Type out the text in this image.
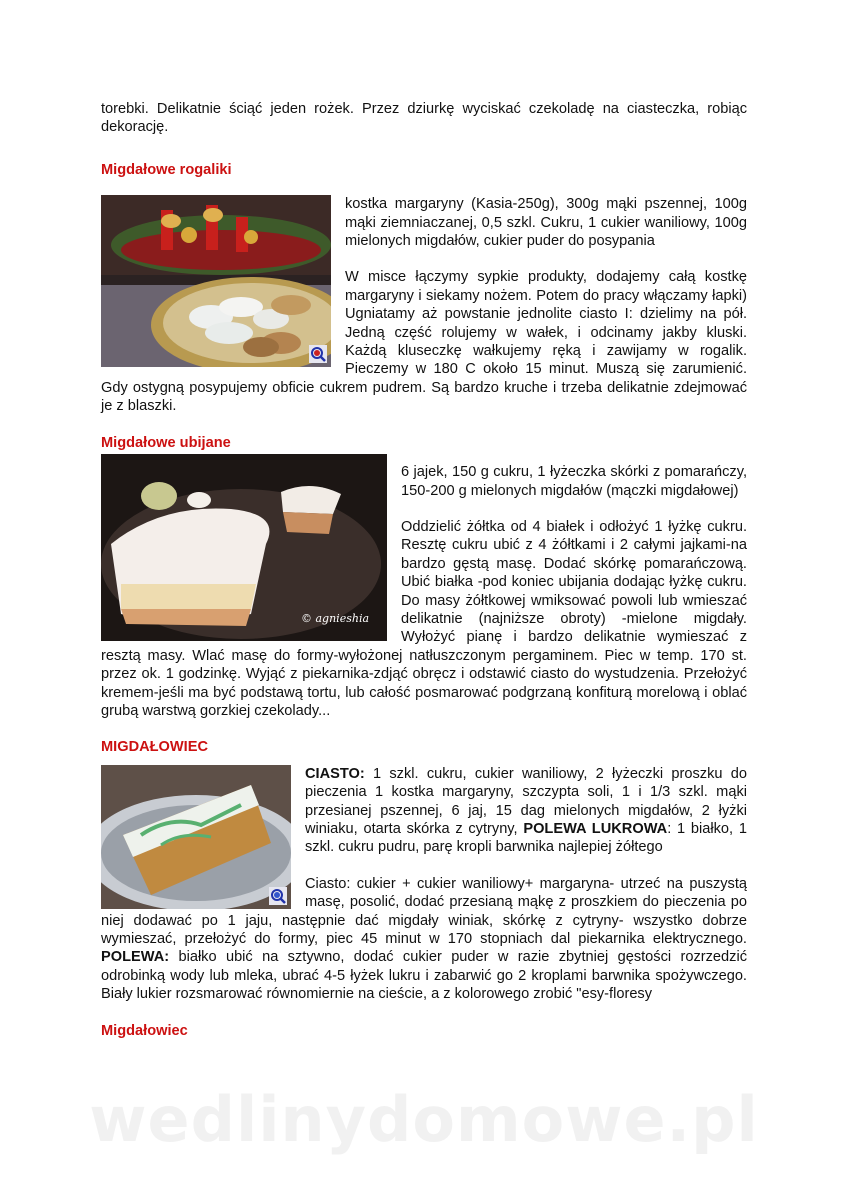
torebki. Delikatnie ściąć jeden rożek. Przez dziurkę wyciskać czekoladę na ciasteczka, robiąc dekorację.

Migdałowe rogaliki

kostka margaryny (Kasia-250g), 300g mąki pszennej, 100g mąki ziemniaczanej, 0,5 szkl. Cukru, 1 cukier waniliowy, 100g mielonych migdałów, cukier puder do posypania

W misce łączymy sypkie produkty, dodajemy całą kostkę margaryny i siekamy nożem. Potem do pracy włączamy łapki) Ugniatamy aż powstanie jednolite ciasto I: dzielimy na pół. Jedną część rolujemy w wałek, i odcinamy jakby kluski. Każdą kluseczkę wałkujemy ręką i zawijamy w rogalik. Pieczemy w 180 C około 15 minut. Muszą się zarumienić. Gdy ostygną posypujemy obficie cukrem pudrem. Są bardzo kruche i trzeba delikatnie zdejmować je z blaszki.

Migdałowe ubijane

© agnieshia

6 jajek, 150 g cukru, 1 łyżeczka skórki z pomarańczy, 150-200 g mielonych migdałów (mączki migdałowej)

Oddzielić żółtka od 4 białek i odłożyć 1 łyżkę cukru. Resztę cukru ubić z 4 żółtkami i 2 całymi jajkami-na bardzo gęstą masę. Dodać skórkę pomarańczową. Ubić białka -pod koniec ubijania dodając łyżkę cukru. Do masy żółtkowej wmiksować powoli lub wmieszać delikatnie (najniższe obroty) -mielone migdały. Wyłożyć pianę i bardzo delikatnie wymieszać z resztą masy. Wlać masę do formy-wyłożonej natłuszczonym pergaminem. Piec w temp. 170 st. przez ok. 1 godzinkę. Wyjąć z piekarnika-zdjąć obręcz i odstawić ciasto do wystudzenia. Przełożyć kremem-jeśli ma być podstawą tortu, lub całość posmarować podgrzaną konfiturą morelową i oblać grubą warstwą gorzkiej czekolady...

MIGDAŁOWIEC

CIASTO: 1 szkl. cukru, cukier waniliowy, 2 łyżeczki proszku do pieczenia 1 kostka margaryny, szczypta soli, 1 i 1/3 szkl. mąki przesianej pszennej, 6 jaj, 15 dag mielonych migdałów, 2 łyżki winiaku, otarta skórka z cytryny, POLEWA LUKROWA: 1 białko, 1 szkl. cukru pudru, parę kropli barwnika najlepiej żółtego

Ciasto: cukier + cukier waniliowy+ margaryna- utrzeć na puszystą masę, posolić, dodać przesianą mąkę z proszkiem do pieczenia po niej dodawać po 1 jaju, następnie dać migdały winiak, skórkę z cytryny- wszystko dobrze wymieszać, przełożyć do formy, piec 45 minut w 170 stopniach dal piekarnika elektrycznego. POLEWA: białko ubić na sztywno, dodać cukier puder w razie zbytniej gęstości rozrzedzić odrobinką wody lub mleka, ubrać 4-5 łyżek lukru i zabarwić go 2 kroplami barwnika spożywczego. Biały lukier rozsmarować równomiernie na cieście, a z kolorowego zrobić "esy-floresy

Migdałowiec

wedlinydomowe.pl
